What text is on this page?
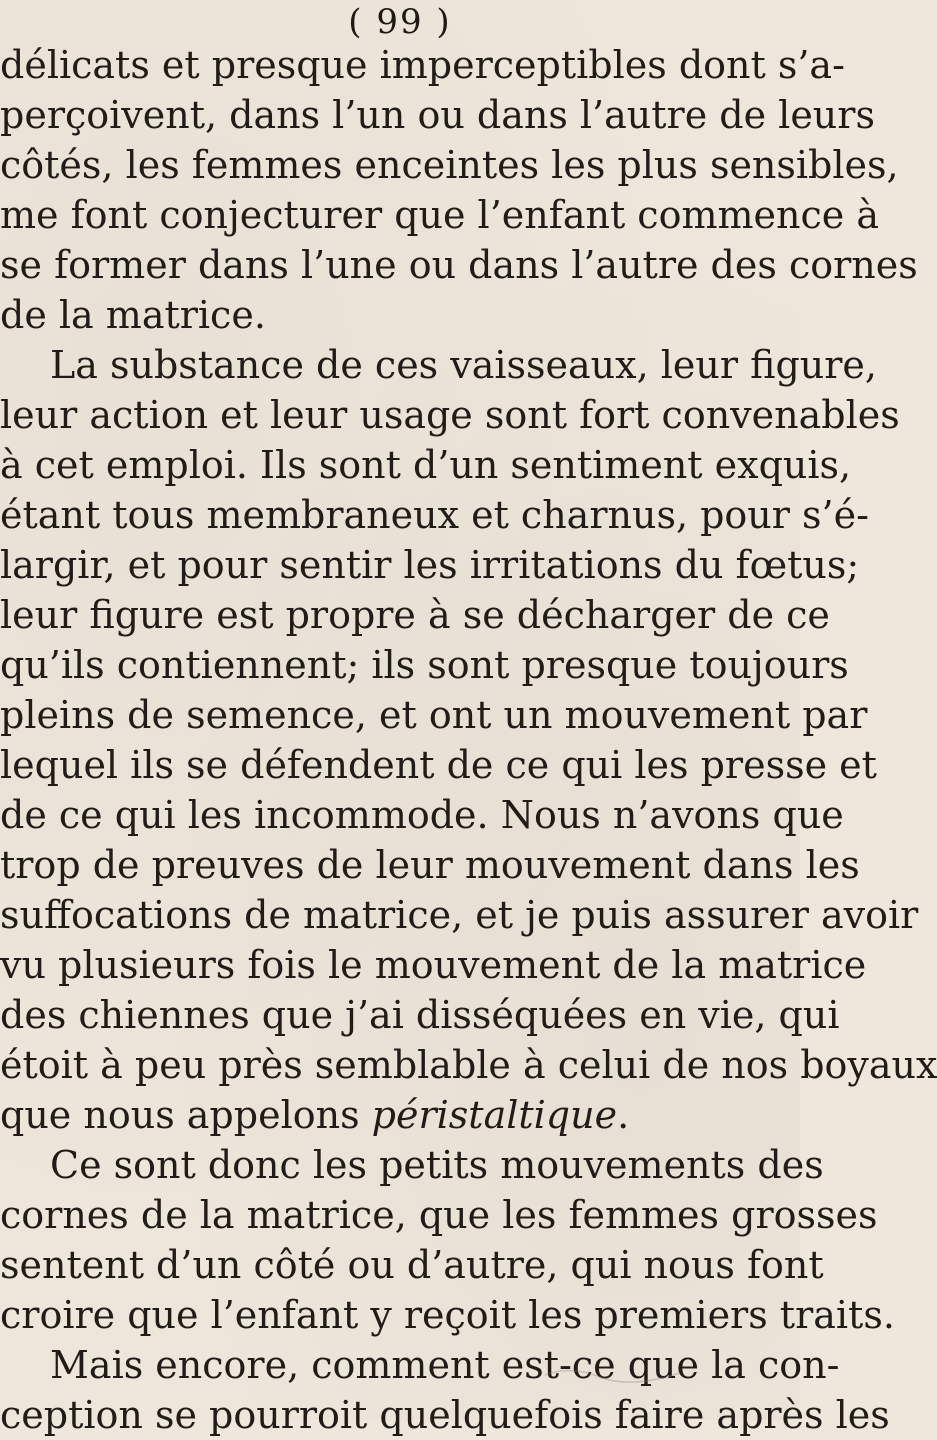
( 99 )
délicats et presque imperceptibles dont s’a-
perçoivent, dans l’un ou dans l’autre de leurs
côtés, les femmes enceintes les plus sensibles,
me font conjecturer que l’enfant commence à
se former dans l’une ou dans l’autre des cornes
de la matrice.
La substance de ces vaisseaux, leur figure,
leur action et leur usage sont fort convenables
à cet emploi. Ils sont d’un sentiment exquis,
étant tous membraneux et charnus, pour s’é-
largir, et pour sentir les irritations du fœtus;
leur figure est propre à se décharger de ce
qu’ils contiennent; ils sont presque toujours
pleins de semence, et ont un mouvement par
lequel ils se défendent de ce qui les presse et
de ce qui les incommode. Nous n’avons que
trop de preuves de leur mouvement dans les
suffocations de matrice, et je puis assurer avoir
vu plusieurs fois le mouvement de la matrice
des chiennes que j’ai disséquées en vie, qui
étoit à peu près semblable à celui de nos boyaux
que nous appelons péristaltique.
Ce sont donc les petits mouvements des
cornes de la matrice, que les femmes grosses
sentent d’un côté ou d’autre, qui nous font
croire que l’enfant y reçoit les premiers traits.
Mais encore, comment est-ce que la con-
ception se pourroit quelquefois faire après les
